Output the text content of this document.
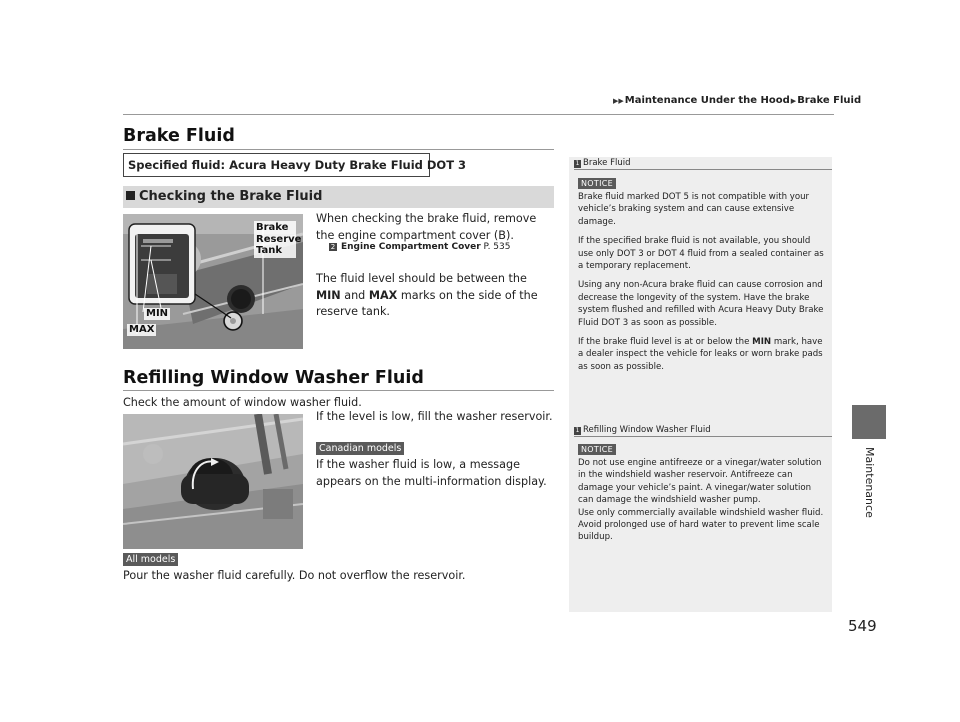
▶▶Maintenance Under the Hood▶Brake Fluid
Maintenance
549
Brake Fluid
Specified fluid: Acura Heavy Duty Brake Fluid DOT 3
Checking the Brake Fluid
Brake
Reserve
Tank
MIN
MAX
When checking the brake fluid, remove the engine compartment cover (B).
2 Engine Compartment Cover P. 535
The fluid level should be between the MIN and MAX marks on the side of the reserve tank.
Refilling Window Washer Fluid
Check the amount of window washer fluid.
If the level is low, fill the washer reservoir.
Canadian models
If the washer fluid is low, a message appears on the multi-information display.
All models
Pour the washer fluid carefully. Do not overflow the reservoir.
1 Brake Fluid
NOTICE

Brake fluid marked DOT 5 is not compatible with your vehicle’s braking system and can cause extensive damage.

If the specified brake fluid is not available, you should use only DOT 3 or DOT 4 fluid from a sealed container as a temporary replacement.

Using any non-Acura brake fluid can cause corrosion and decrease the longevity of the system. Have the brake system flushed and refilled with Acura Heavy Duty Brake Fluid DOT 3 as soon as possible.

If the brake fluid level is at or below the MIN mark, have a dealer inspect the vehicle for leaks or worn brake pads as soon as possible.

1 Refilling Window Washer Fluid
NOTICE
Do not use engine antifreeze or a vinegar/water solution in the windshield washer reservoir. Antifreeze can damage your vehicle’s paint. A vinegar/water solution can damage the windshield washer pump.
Use only commercially available windshield washer fluid.
Avoid prolonged use of hard water to prevent lime scale buildup.
